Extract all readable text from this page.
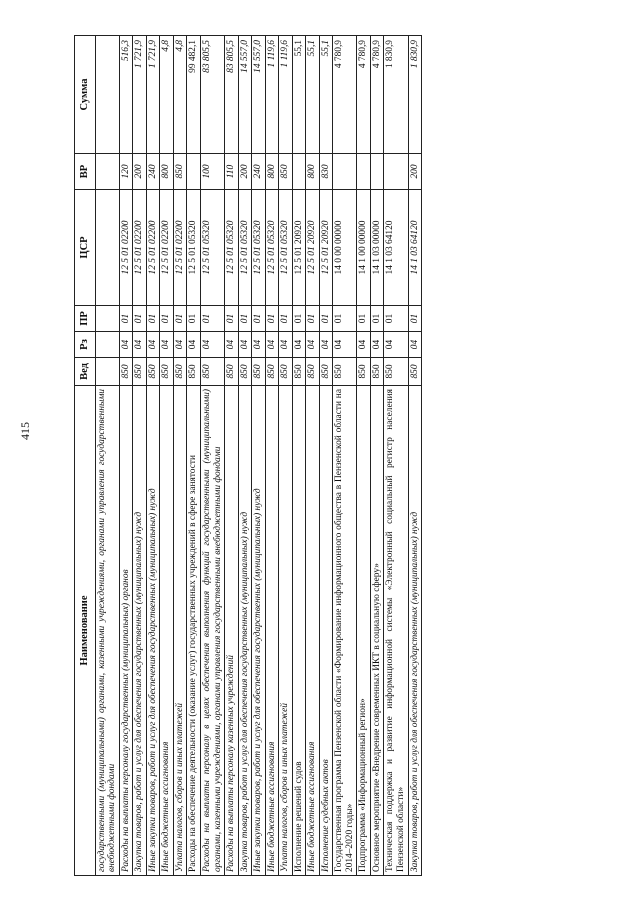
415
Наименование	Вед	Рз	ПР	ЦСР	ВР	Сумма
государственными (муниципальными) органами, казенными учреждениями, органами управления государственными внебюджетными фондами						
Расходы на выплаты персоналу государственных (муниципальных) органов	850	04	01	12 5 01 02200	120	516,3
Закупка товаров, работ и услуг для обеспечения государственных (муниципальных) нужд	850	04	01	12 5 01 02200	200	1 721,9
Иные закупки товаров, работ и услуг для обеспечения государственных (муниципальных) нужд	850	04	01	12 5 01 02200	240	1 721,9
Иные бюджетные ассигнования	850	04	01	12 5 01 02200	800	4,8
Уплата налогов, сборов и иных платежей	850	04	01	12 5 01 02200	850	4,8
Расходы на обеспечение деятельности (оказание услуг) государственных учреждений в сфере занятости	850	04	01	12 5 01 05320		99 482,1
Расходы на выплаты персоналу в целях обеспечения выполнения функций государственными (муниципальными) органами, казенными учреждениями, органами управления государственными внебюджетными фондами	850	04	01	12 5 01 05320	100	83 805,5
Расходы на выплаты персоналу казенных учреждений	850	04	01	12 5 01 05320	110	83 805,5
Закупка товаров, работ и услуг для обеспечения государственных (муниципальных) нужд	850	04	01	12 5 01 05320	200	14 557,0
Иные закупки товаров, работ и услуг для обеспечения государственных (муниципальных) нужд	850	04	01	12 5 01 05320	240	14 557,0
Иные бюджетные ассигнования	850	04	01	12 5 01 05320	800	1 119,6
Уплата налогов, сборов и иных платежей	850	04	01	12 5 01 05320	850	1 119,6
Исполнение решений судов	850	04	01	12 5 01 20920		55,1
Иные бюджетные ассигнования	850	04	01	12 5 01 20920	800	55,1
Исполнение судебных актов	850	04	01	12 5 01 20920	830	55,1
Государственная программа Пензенской области «Формирование информационного общества в Пензенской области на 2014–2020 годы»	850	04	01	14 0 00 00000		4 780,9
Подпрограмма «Информационный регион»	850	04	01	14 1 00 00000		4 780,9
Основное мероприятие «Внедрение современных ИКТ в социальную сферу»	850	04	01	14 1 03 00000		4 780,9
Техническая поддержка и развитие информационной системы «Электронный социальный регистр населения Пензенской области»	850	04	01	14 1 03 64120		1 830,9
Закупка товаров, работ и услуг для обеспечения государственных (муниципальных) нужд	850	04	01	14 1 03 64120	200	1 830,9
